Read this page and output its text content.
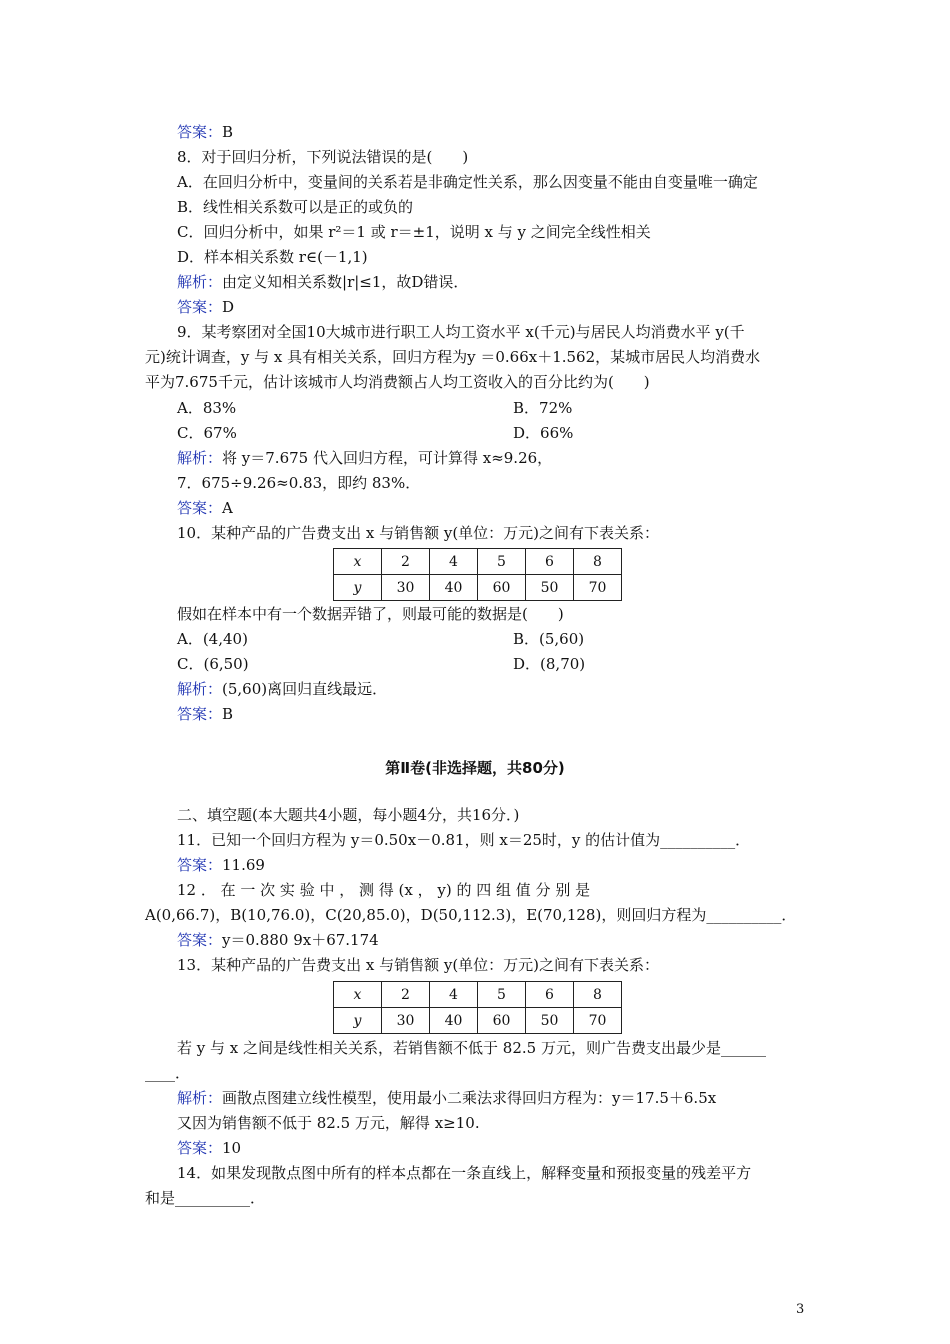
答案：B
8．对于回归分析，下列说法错误的是(　　)
A．在回归分析中，变量间的关系若是非确定性关系，那么因变量不能由自变量唯一确定
B．线性相关系数可以是正的或负的
C．回归分析中，如果 r²＝1 或 r＝±1，说明 x 与 y 之间完全线性相关
D．样本相关系数 r∈(－1,1)
解析：由定义知相关系数|r|≤1，故D错误．
答案：D
9．某考察团对全国10大城市进行职工人均工资水平 x(千元)与居民人均消费水平 y(千
元)统计调查，y 与 x 具有相关关系，回归方程为y ＝0.66x＋1.562，某城市居民人均消费水
平为7.675千元，估计该城市人均消费额占人均工资收入的百分比约为(　　)
A．83%	B．72%
C．67%	D．66%
解析：将 y＝7.675 代入回归方程，可计算得 x≈9.26，
7．675÷9.26≈0.83，即约 83%．
答案：A
10．某种产品的广告费支出 x 与销售额 y(单位：万元)之间有下表关系：
x	2	4	5	6	8
y	30	40	60	50	70
假如在样本中有一个数据弄错了，则最可能的数据是(　　)
A．(4,40)	B．(5,60)
C．(6,50)	D．(8,70)
解析：(5,60)离回归直线最远．
答案：B
第Ⅱ卷(非选择题，共80分)
二、填空题(本大题共4小题，每小题4分，共16分．)
11．已知一个回归方程为 y＝0.50x－0.81，则 x＝25时，y 的估计值为__________．
答案：11.69
12 ． 在 一 次 实 验 中 ， 测 得 (x ， y) 的 四 组 值 分 别 是
A(0,66.7)，B(10,76.0)，C(20,85.0)，D(50,112.3)，E(70,128)，则回归方程为__________．
答案：y＝0.880 9x＋67.174
13．某种产品的广告费支出 x 与销售额 y(单位：万元)之间有下表关系：
x	2	4	5	6	8
y	30	40	60	50	70
若 y 与 x 之间是线性相关关系，若销售额不低于 82.5 万元，则广告费支出最少是______
____．
解析：画散点图建立线性模型，使用最小二乘法求得回归方程为：y＝17.5＋6.5x
又因为销售额不低于 82.5 万元，解得 x≥10.
答案：10
14．如果发现散点图中所有的样本点都在一条直线上，解释变量和预报变量的残差平方
和是__________．
3
